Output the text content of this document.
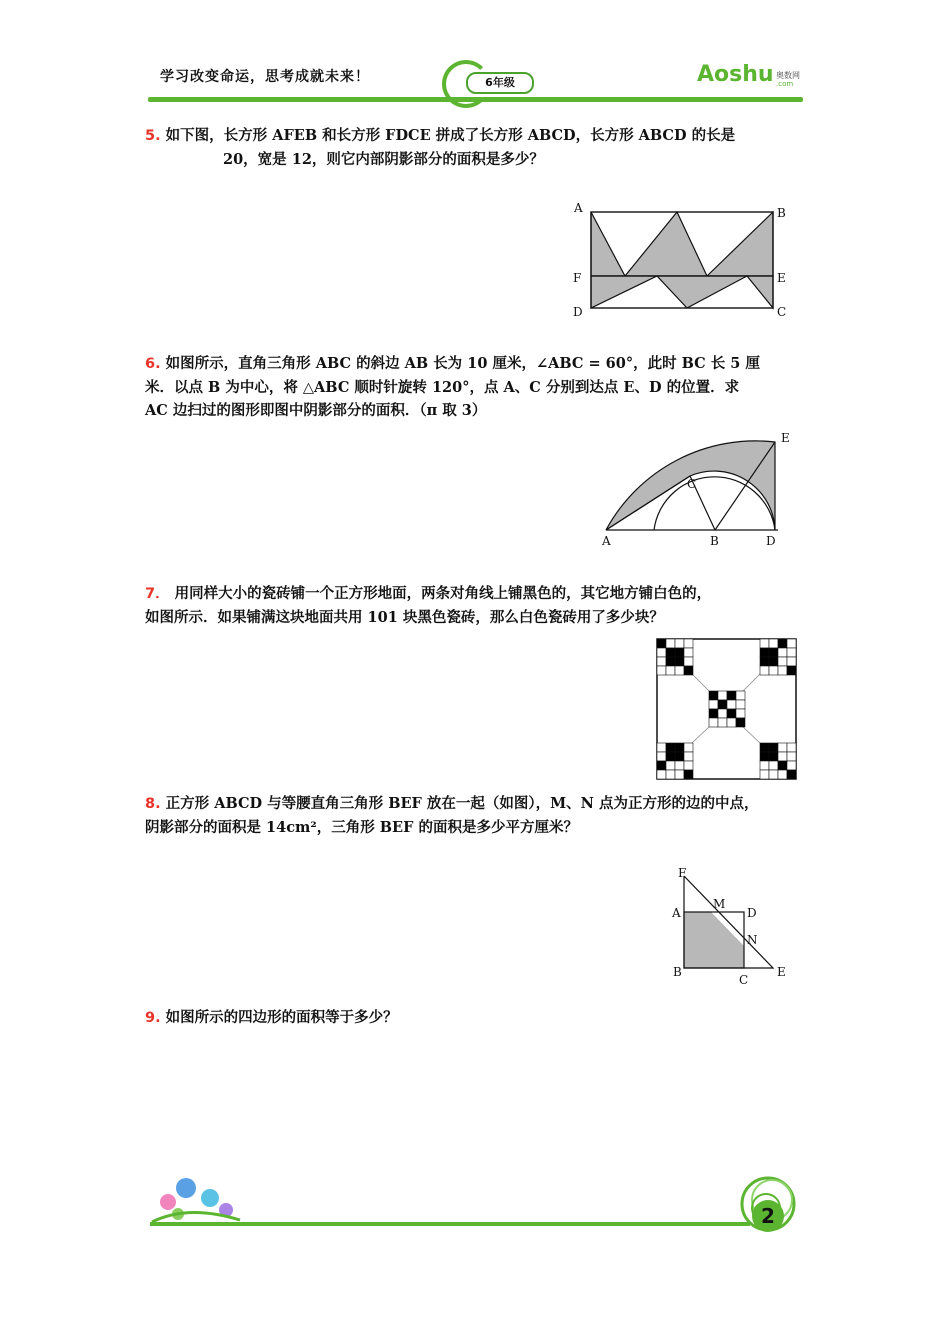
学习改变命运，思考成就未来！	6年级	Aoshu 奥数网
.com
5. 如下图，长方形 AFEB 和长方形 FDCE 拼成了长方形 ABCD，长方形 ABCD 的长是
20，宽是 12，则它内部阴影部分的面积是多少？
A	B
F	E
D	C
6. 如图所示，直角三角形 ABC 的斜边 AB 长为 10 厘米，∠ABC = 60°，此时 BC 长 5 厘
米．以点 B 为中心，将 △ABC 顺时针旋转 120°，点 A、C 分别到达点 E、D 的位置．求
AC 边扫过的图形即图中阴影部分的面积．（π 取 3）
A	B	D
C
E
7． 用同样大小的瓷砖铺一个正方形地面，两条对角线上铺黑色的，其它地方铺白色的，
如图所示．如果铺满这块地面共用 101 块黑色瓷砖，那么白色瓷砖用了多少块？
8. 正方形 ABCD 与等腰直角三角形 BEF 放在一起（如图），M、N 点为正方形的边的中点，
阴影部分的面积是 14cm²，三角形 BEF 的面积是多少平方厘米？
F
A
M
D
N
B
C
E
9. 如图所示的四边形的面积等于多少？
2
